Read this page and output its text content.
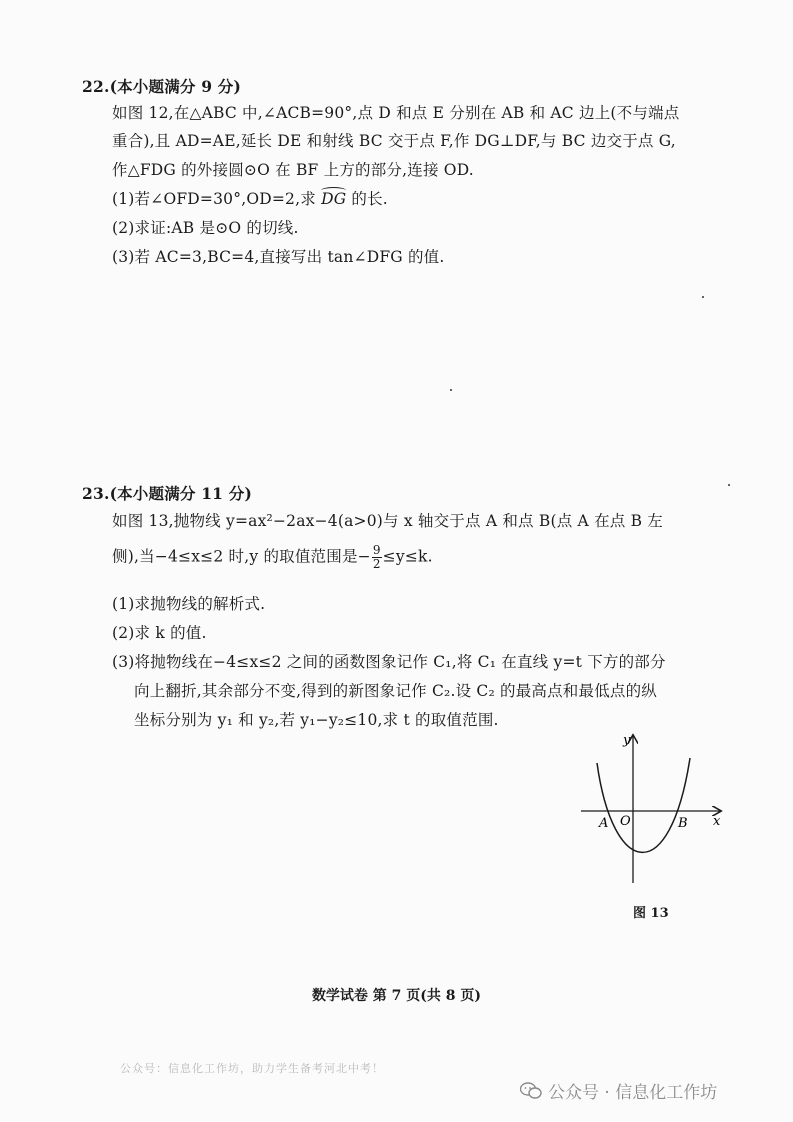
22.(本小题满分 9 分)
如图 12,在△ABC 中,∠ACB=90°,点 D 和点 E 分别在 AB 和 AC 边上(不与端点
重合),且 AD=AE,延长 DE 和射线 BC 交于点 F,作 DG⊥DF,与 BC 边交于点 G,
作△FDG 的外接圆⊙O 在 BF 上方的部分,连接 OD.
(1)若∠OFD=30°,OD=2,求 DG 的长.
(2)求证:AB 是⊙O 的切线.
(3)若 AC=3,BC=4,直接写出 tan∠DFG 的值.
23.(本小题满分 11 分)
如图 13,抛物线 y=ax²−2ax−4(a>0)与 x 轴交于点 A 和点 B(点 A 在点 B 左
侧),当−4≤x≤2 时,y 的取值范围是− $\frac{9}{2} \le y\le k$.
(1)求抛物线的解析式.
(2)求 k 的值.
(3)将抛物线在−4≤x≤2 之间的函数图象记作 C₁,将 C₁ 在直线 y=t 下方的部分
向上翻折,其余部分不变,得到的新图象记作 C₂.设 C₂ 的最高点和最低点的纵
坐标分别为 y₁ 和 y₂,若 y₁−y₂≤10,求 t 的取值范围.
y
x
A O	B
图 13
数学试卷 第 7 页(共 8 页)
公众号：信息化工作坊，助力学生备考河北中考！
公众号 · 信息化工作坊
